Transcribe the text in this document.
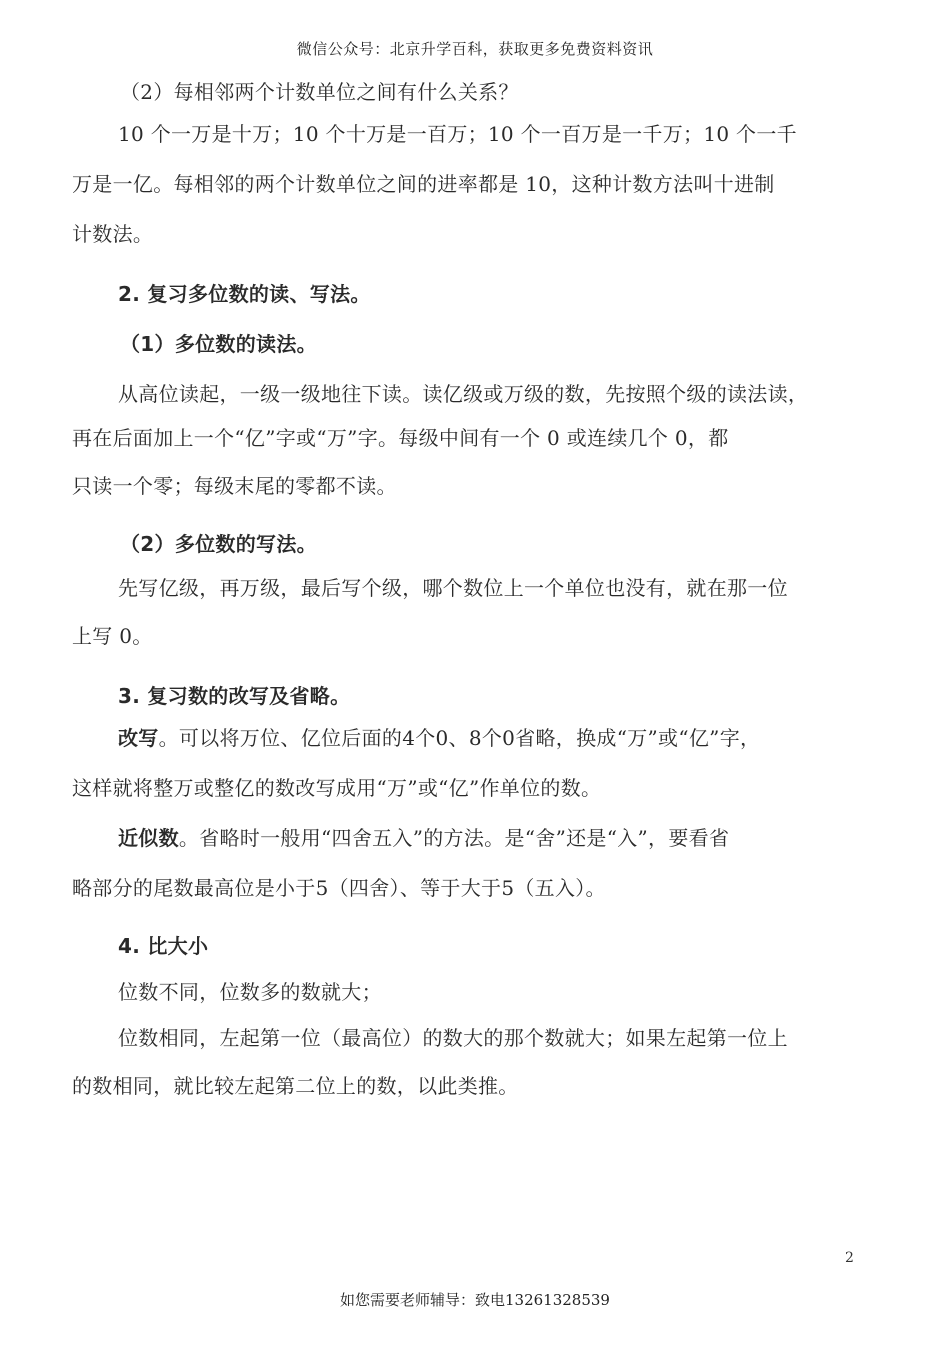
微信公众号：北京升学百科，获取更多免费资料资讯
（2）每相邻两个计数单位之间有什么关系？
10 个一万是十万；10 个十万是一百万；10 个一百万是一千万；10 个一千
万是一亿。每相邻的两个计数单位之间的进率都是 10，这种计数方法叫十进制
计数法。
2. 复习多位数的读、写法。
（1）多位数的读法。
从高位读起，一级一级地往下读。读亿级或万级的数，先按照个级的读法读，
再在后面加上一个“亿”字或“万”字。每级中间有一个 0 或连续几个 0，都
只读一个零；每级末尾的零都不读。
（2）多位数的写法。
先写亿级，再万级，最后写个级，哪个数位上一个单位也没有，就在那一位
上写 0。
3. 复习数的改写及省略。
改写。可以将万位、亿位后面的4个0、8个0省略，换成“万”或“亿”字，
这样就将整万或整亿的数改写成用“万”或“亿”作单位的数。
近似数。省略时一般用“四舍五入”的方法。是“舍”还是“入”，要看省
略部分的尾数最高位是小于5（四舍）、等于大于5（五入）。
4. 比大小
位数不同，位数多的数就大；
位数相同，左起第一位（最高位）的数大的那个数就大；如果左起第一位上
的数相同，就比较左起第二位上的数，以此类推。
2
如您需要老师辅导：致电13261328539
